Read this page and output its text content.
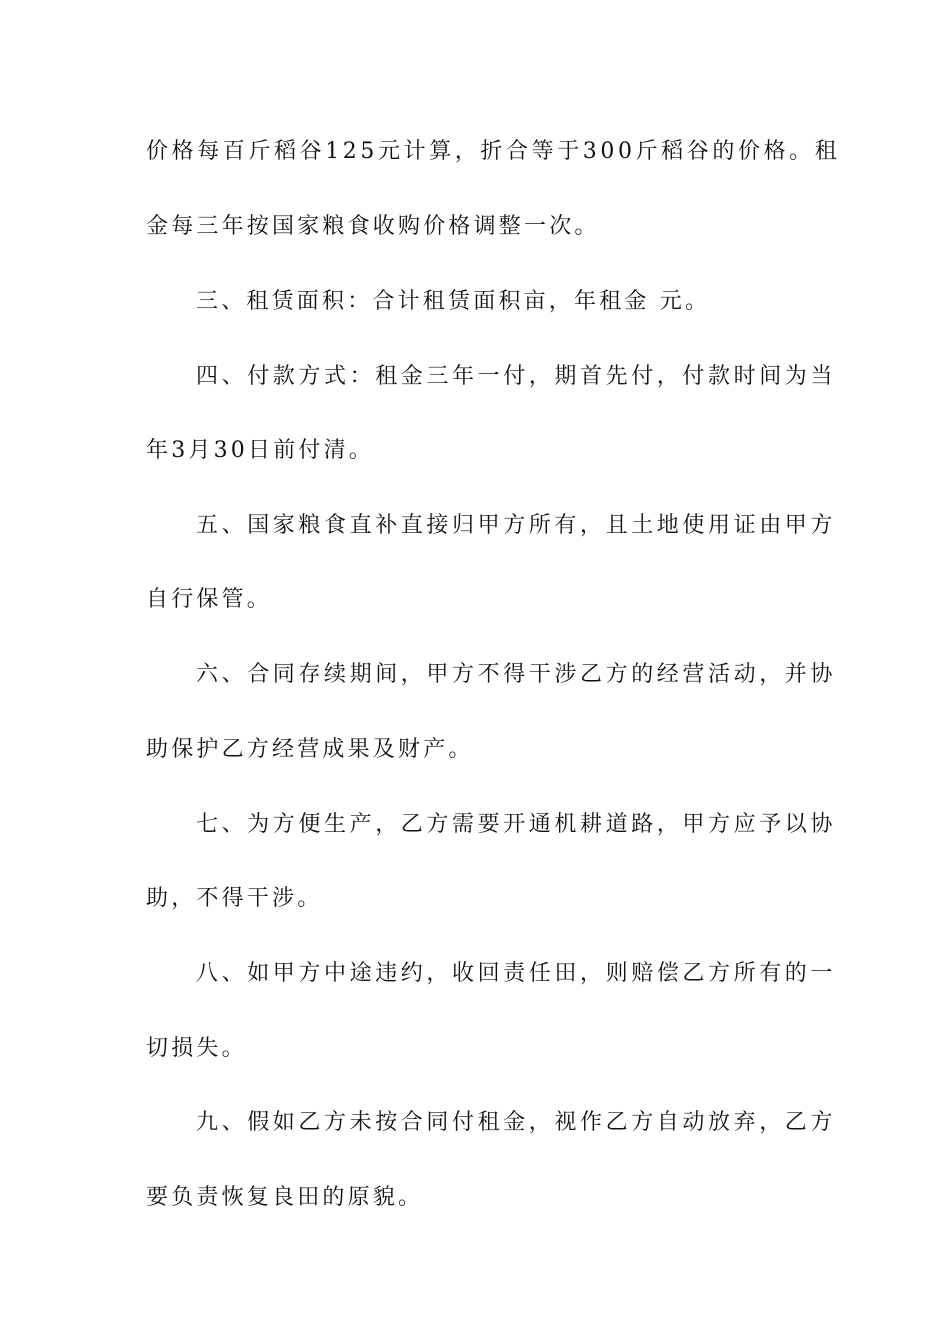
价格每百斤稻谷125元计算，折合等于300斤稻谷的价格。租
金每三年按国家粮食收购价格调整一次。
三、租赁面积：合计租赁面积亩，年租金 元。
四、付款方式：租金三年一付，期首先付，付款时间为当
年3月30日前付清。
五、国家粮食直补直接归甲方所有，且土地使用证由甲方
自行保管。
六、合同存续期间，甲方不得干涉乙方的经营活动，并协
助保护乙方经营成果及财产。
七、为方便生产，乙方需要开通机耕道路，甲方应予以协
助，不得干涉。
八、如甲方中途违约，收回责任田，则赔偿乙方所有的一
切损失。
九、假如乙方未按合同付租金，视作乙方自动放弃，乙方
要负责恢复良田的原貌。
